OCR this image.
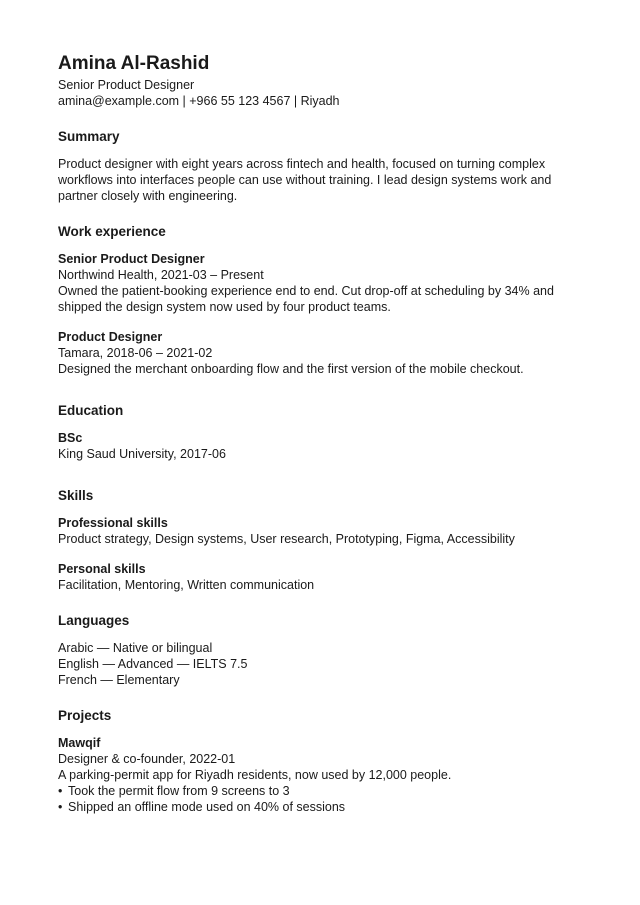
Amina Al-Rashid

Senior Product Designer

amina@example.com | +966 55 123 4567 | Riyadh

Summary

Product designer with eight years across fintech and health, focused on turning complex workflows into interfaces people can use without training. I lead design systems work and partner closely with engineering.

Work experience

Senior Product Designer

Northwind Health, 2021-03 – Present

Owned the patient-booking experience end to end. Cut drop-off at scheduling by 34% and shipped the design system now used by four product teams.

Product Designer

Tamara, 2018-06 – 2021-02

Designed the merchant onboarding flow and the first version of the mobile checkout.

Education

BSc

King Saud University, 2017-06

Skills

Professional skills

Product strategy, Design systems, User research, Prototyping, Figma, Accessibility

Personal skills

Facilitation, Mentoring, Written communication

Languages

Arabic — Native or bilingual

English — Advanced — IELTS 7.5

French — Elementary

Projects

Mawqif

Designer & co-founder, 2022-01

A parking-permit app for Riyadh residents, now used by 12,000 people.

• Took the permit flow from 9 screens to 3
• Shipped an offline mode used on 40% of sessions
